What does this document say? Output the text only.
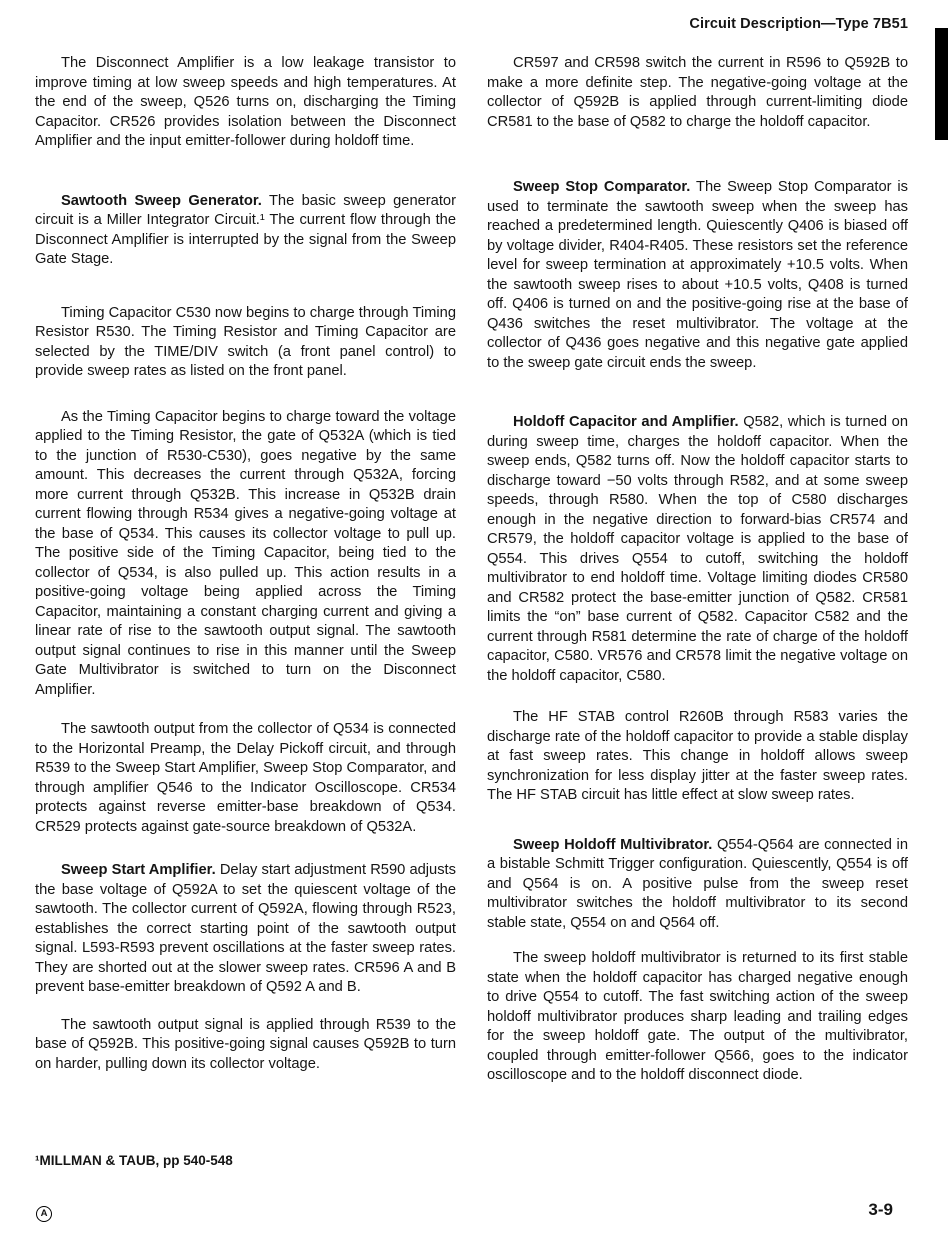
Circuit Description—Type 7B51

The Disconnect Amplifier is a low leakage transistor to improve timing at low sweep speeds and high temperatures. At the end of the sweep, Q526 turns on, discharging the Timing Capacitor. CR526 provides isolation between the Disconnect Amplifier and the input emitter-follower during holdoff time.

Sawtooth Sweep Generator. The basic sweep generator circuit is a Miller Integrator Circuit.¹ The current flow through the Disconnect Amplifier is interrupted by the signal from the Sweep Gate Stage.

Timing Capacitor C530 now begins to charge through Timing Resistor R530. The Timing Resistor and Timing Capacitor are selected by the TIME/DIV switch (a front panel control) to provide sweep rates as listed on the front panel.

As the Timing Capacitor begins to charge toward the voltage applied to the Timing Resistor, the gate of Q532A (which is tied to the junction of R530-C530), goes negative by the same amount. This decreases the current through Q532A, forcing more current through Q532B. This increase in Q532B drain current flowing through R534 gives a negative-going voltage at the base of Q534. This causes its collector voltage to pull up. The positive side of the Timing Capacitor, being tied to the collector of Q534, is also pulled up. This action results in a positive-going voltage being applied across the Timing Capacitor, maintaining a constant charging current and giving a linear rate of rise to the sawtooth output signal. The sawtooth output signal continues to rise in this manner until the Sweep Gate Multivibrator is switched to turn on the Disconnect Amplifier.

The sawtooth output from the collector of Q534 is connected to the Horizontal Preamp, the Delay Pickoff circuit, and through R539 to the Sweep Start Amplifier, Sweep Stop Comparator, and through amplifier Q546 to the Indicator Oscilloscope. CR534 protects against reverse emitter-base breakdown of Q534. CR529 protects against gate-source breakdown of Q532A.

Sweep Start Amplifier. Delay start adjustment R590 adjusts the base voltage of Q592A to set the quiescent voltage of the sawtooth. The collector current of Q592A, flowing through R523, establishes the correct starting point of the sawtooth output signal. L593-R593 prevent oscillations at the faster sweep rates. They are shorted out at the slower sweep rates. CR596 A and B prevent base-emitter breakdown of Q592 A and B.

The sawtooth output signal is applied through R539 to the base of Q592B. This positive-going signal causes Q592B to turn on harder, pulling down its collector voltage.

CR597 and CR598 switch the current in R596 to Q592B to make a more definite step. The negative-going voltage at the collector of Q592B is applied through current-limiting diode CR581 to the base of Q582 to charge the holdoff capacitor.

Sweep Stop Comparator. The Sweep Stop Comparator is used to terminate the sawtooth sweep when the sweep has reached a predetermined length. Quiescently Q406 is biased off by voltage divider, R404-R405. These resistors set the reference level for sweep termination at approximately +10.5 volts. When the sawtooth sweep rises to about +10.5 volts, Q408 is turned off. Q406 is turned on and the positive-going rise at the base of Q436 switches the reset multivibrator. The voltage at the collector of Q436 goes negative and this negative gate applied to the sweep gate circuit ends the sweep.

Holdoff Capacitor and Amplifier. Q582, which is turned on during sweep time, charges the holdoff capacitor. When the sweep ends, Q582 turns off. Now the holdoff capacitor starts to discharge toward −50 volts through R582, and at some sweep speeds, through R580. When the top of C580 discharges enough in the negative direction to forward-bias CR574 and CR579, the holdoff capacitor voltage is applied to the base of Q554. This drives Q554 to cutoff, switching the holdoff multivibrator to end holdoff time. Voltage limiting diodes CR580 and CR582 protect the base-emitter junction of Q582. CR581 limits the “on” base current of Q582. Capacitor C582 and the current through R581 determine the rate of charge of the holdoff capacitor, C580. VR576 and CR578 limit the negative voltage on the holdoff capacitor, C580.

The HF STAB control R260B through R583 varies the discharge rate of the holdoff capacitor to provide a stable display at fast sweep rates. This change in holdoff allows sweep synchronization for less display jitter at the faster sweep rates. The HF STAB circuit has little effect at slow sweep rates.

Sweep Holdoff Multivibrator. Q554-Q564 are connected in a bistable Schmitt Trigger configuration. Quiescently, Q554 is off and Q564 is on. A positive pulse from the sweep reset multivibrator switches the holdoff multivibrator to its second stable state, Q554 on and Q564 off.

The sweep holdoff multivibrator is returned to its first stable state when the holdoff capacitor has charged negative enough to drive Q554 to cutoff. The fast switching action of the sweep holdoff multivibrator produces sharp leading and trailing edges for the sweep holdoff gate. The output of the multivibrator, coupled through emitter-follower Q566, goes to the indicator oscilloscope and to the holdoff disconnect diode.

¹MILLMAN & TAUB, pp 540-548
A	3-9
